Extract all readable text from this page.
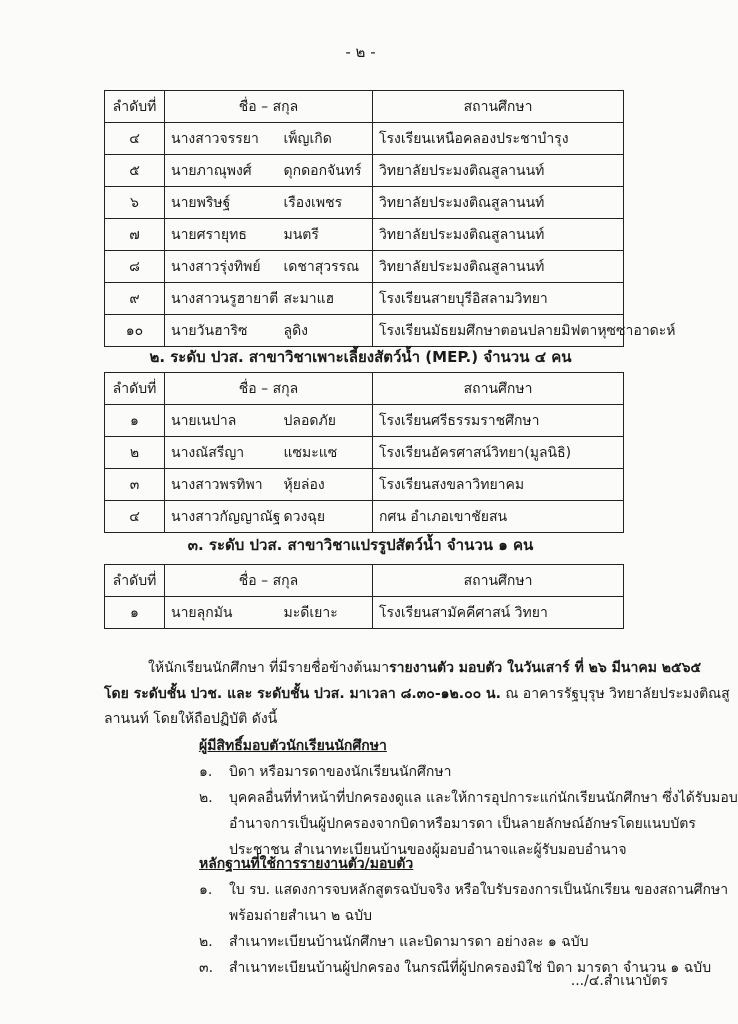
- ๒ -
ลำดับที่	ชื่อ – สกุล		สถานศึกษา
๔	นางสาวจรรยา	เพ็ญเกิด	โรงเรียนเหนือคลองประชาบำรุง
๕	นายภาณุพงศ์	ดุกดอกจันทร์	วิทยาลัยประมงติณสูลานนท์
๖	นายพริษฐ์	เรืองเพชร	วิทยาลัยประมงติณสูลานนท์
๗	นายศรายุทธ	มนตรี	วิทยาลัยประมงติณสูลานนท์
๘	นางสาวรุ่งทิพย์	เดชาสุวรรณ	วิทยาลัยประมงติณสูลานนท์
๙	นางสาวนรูฮายาตี	สะมาแฮ	โรงเรียนสายบุรีอิสลามวิทยา
๑๐	นายวันฮาริซ	ลูดิง	โรงเรียนมัธยมศึกษาตอนปลายมิฟตาหุซซาอาดะห์
๒. ระดับ ปวส. สาขาวิชาเพาะเลี้ยงสัตว์น้ำ (MEP.) จำนวน ๔ คน
ลำดับที่	ชื่อ – สกุล		สถานศึกษา
๑	นายเนปาล	ปลอดภัย	โรงเรียนศรีธรรมราชศึกษา
๒	นางณัสรีญา	แซมะแซ	โรงเรียนอัครศาสน์วิทยา(มูลนิธิ)
๓	นางสาวพรทิพา	หุ้ยล่อง	โรงเรียนสงขลาวิทยาคม
๔	นางสาวกัญญาณัฐ	ดวงฉุย	กศน อำเภอเขาชัยสน
๓. ระดับ ปวส. สาขาวิชาแปรรูปสัตว์น้ำ จำนวน ๑ คน
ลำดับที่	ชื่อ – สกุล		สถานศึกษา
๑	นายลุกมัน	มะดีเยาะ	โรงเรียนสามัคคีศาสน์ วิทยา
ให้นักเรียนนักศึกษา ที่มีรายชื่อข้างต้นมารายงานตัว มอบตัว ในวันเสาร์ ที่ ๒๖ มีนาคม ๒๕๖๕
โดย ระดับชั้น ปวช. และ ระดับชั้น ปวส. มาเวลา ๘.๓๐-๑๒.๐๐ น. ณ อาคารรัฐบุรุษ วิทยาลัยประมงติณสู
ลานนท์ โดยให้ถือปฏิบัติ ดังนี้
ผู้มีสิทธิ์มอบตัวนักเรียนนักศึกษา
๑. บิดา หรือมารดาของนักเรียนนักศึกษา
๒. บุคคลอื่นที่ทำหน้าที่ปกครองดูแล และให้การอุปการะแก่นักเรียนนักศึกษา ซึ่งได้รับมอบ
อำนาจการเป็นผู้ปกครองจากบิดาหรือมารดา เป็นลายลักษณ์อักษรโดยแนบบัตร
ประชาชน สำเนาทะเบียนบ้านของผู้มอบอำนาจและผู้รับมอบอำนาจ
หลักฐานที่ใช้การรายงานตัว/มอบตัว
๑. ใบ รบ. แสดงการจบหลักสูตรฉบับจริง หรือใบรับรองการเป็นนักเรียน ของสถานศึกษา
พร้อมถ่ายสำเนา ๒ ฉบับ
๒. สำเนาทะเบียนบ้านนักศึกษา และบิดามารดา อย่างละ ๑ ฉบับ
๓. สำเนาทะเบียนบ้านผู้ปกครอง ในกรณีที่ผู้ปกครองมิใช่ บิดา มารดา จำนวน ๑ ฉบับ
.../๔.สำเนาบัตร
